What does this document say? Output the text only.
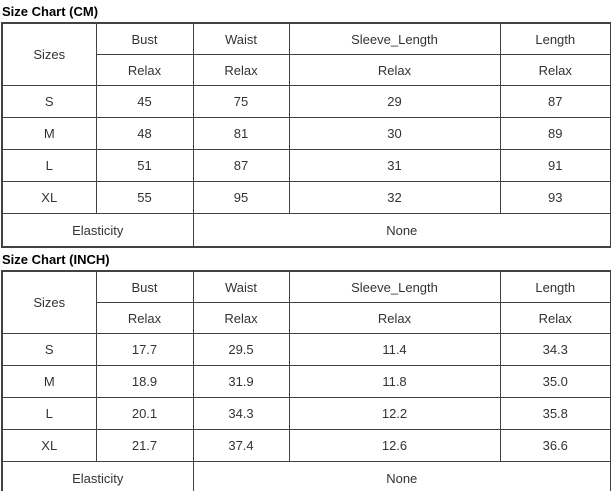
Size Chart (CM)
Sizes	Bust	Waist	Sleeve_Length	Length
	Relax	Relax	Relax	Relax
S	45	75	29	87
M	48	81	30	89
L	51	87	31	91
XL	55	95	32	93
Elasticity		None		
Size Chart (INCH)
Sizes	Bust	Waist	Sleeve_Length	Length
	Relax	Relax	Relax	Relax
S	17.7	29.5	11.4	34.3
M	18.9	31.9	11.8	35.0
L	20.1	34.3	12.2	35.8
XL	21.7	37.4	12.6	36.6
Elasticity		None		
